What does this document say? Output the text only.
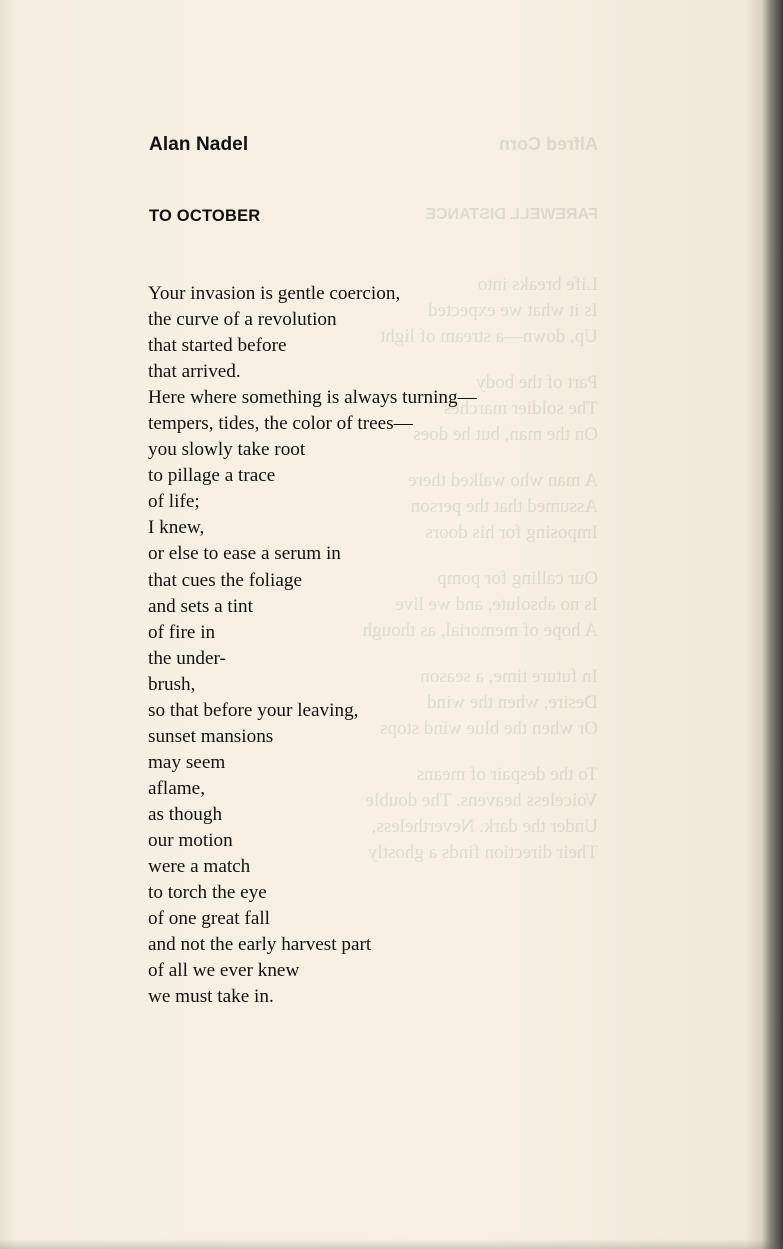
Alfred Corn
FAREWELL DISTANCE
Life breaks into
Is it what we expected
Up, down—a stream of light
Part of the body
The soldier marches
On the man, but he does
A man who walked there
Assumed that the person
Imposing for his doors
Our calling for pomp
Is no absolute, and we live
A hope of memorial, as though
In future time, a season
Desire, when the wind
Or when the blue wind stops
To the despair of means
Voiceless heavens. The double
Under the dark. Nevertheless,
Their direction finds a ghostly
Alan Nadel
TO OCTOBER
Your invasion is gentle coercion,
the curve of a revolution
that started before
that arrived.
Here where something is always turning—
tempers, tides, the color of trees—
you slowly take root
to pillage a trace
of life;
I knew,
or else to ease a serum in
that cues the foliage
and sets a tint
of fire in
the under-
brush,
so that before your leaving,
sunset mansions
may seem
aflame,
as though
our motion
were a match
to torch the eye
of one great fall
and not the early harvest part
of all we ever knew
we must take in.
